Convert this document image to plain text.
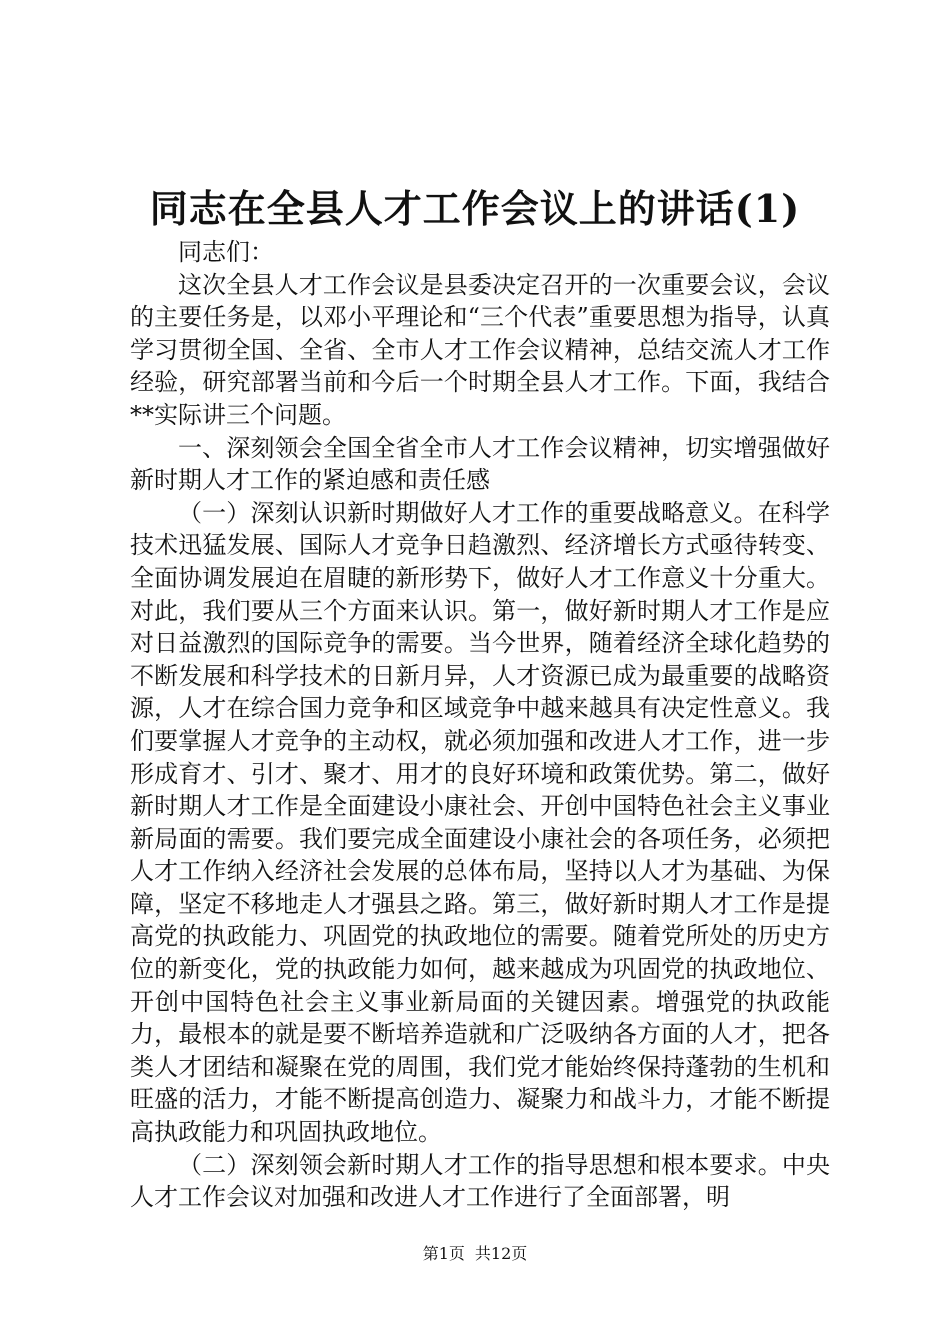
同志在全县人才工作会议上的讲话(1)

同志们：

这次全县人才工作会议是县委决定召开的一次重要会议，会议的主要任务是，以邓小平理论和“三个代表”重要思想为指导，认真学习贯彻全国、全省、全市人才工作会议精神，总结交流人才工作经验，研究部署当前和今后一个时期全县人才工作。下面，我结合**实际讲三个问题。

一、深刻领会全国全省全市人才工作会议精神，切实增强做好新时期人才工作的紧迫感和责任感

（一）深刻认识新时期做好人才工作的重要战略意义。在科学技术迅猛发展、国际人才竞争日趋激烈、经济增长方式亟待转变、全面协调发展迫在眉睫的新形势下，做好人才工作意义十分重大。对此，我们要从三个方面来认识。第一，做好新时期人才工作是应对日益激烈的国际竞争的需要。当今世界，随着经济全球化趋势的不断发展和科学技术的日新月异，人才资源已成为最重要的战略资源，人才在综合国力竞争和区域竞争中越来越具有决定性意义。我们要掌握人才竞争的主动权，就必须加强和改进人才工作，进一步形成育才、引才、聚才、用才的良好环境和政策优势。第二，做好新时期人才工作是全面建设小康社会、开创中国特色社会主义事业新局面的需要。我们要完成全面建设小康社会的各项任务，必须把人才工作纳入经济社会发展的总体布局，坚持以人才为基础、为保障，坚定不移地走人才强县之路。第三，做好新时期人才工作是提高党的执政能力、巩固党的执政地位的需要。随着党所处的历史方位的新变化，党的执政能力如何，越来越成为巩固党的执政地位、开创中国特色社会主义事业新局面的关键因素。增强党的执政能力，最根本的就是要不断培养造就和广泛吸纳各方面的人才，把各类人才团结和凝聚在党的周围，我们党才能始终保持蓬勃的生机和旺盛的活力，才能不断提高创造力、凝聚力和战斗力，才能不断提高执政能力和巩固执政地位。

（二）深刻领会新时期人才工作的指导思想和根本要求。中央人才工作会议对加强和改进人才工作进行了全面部署，明

第1页 共12页
